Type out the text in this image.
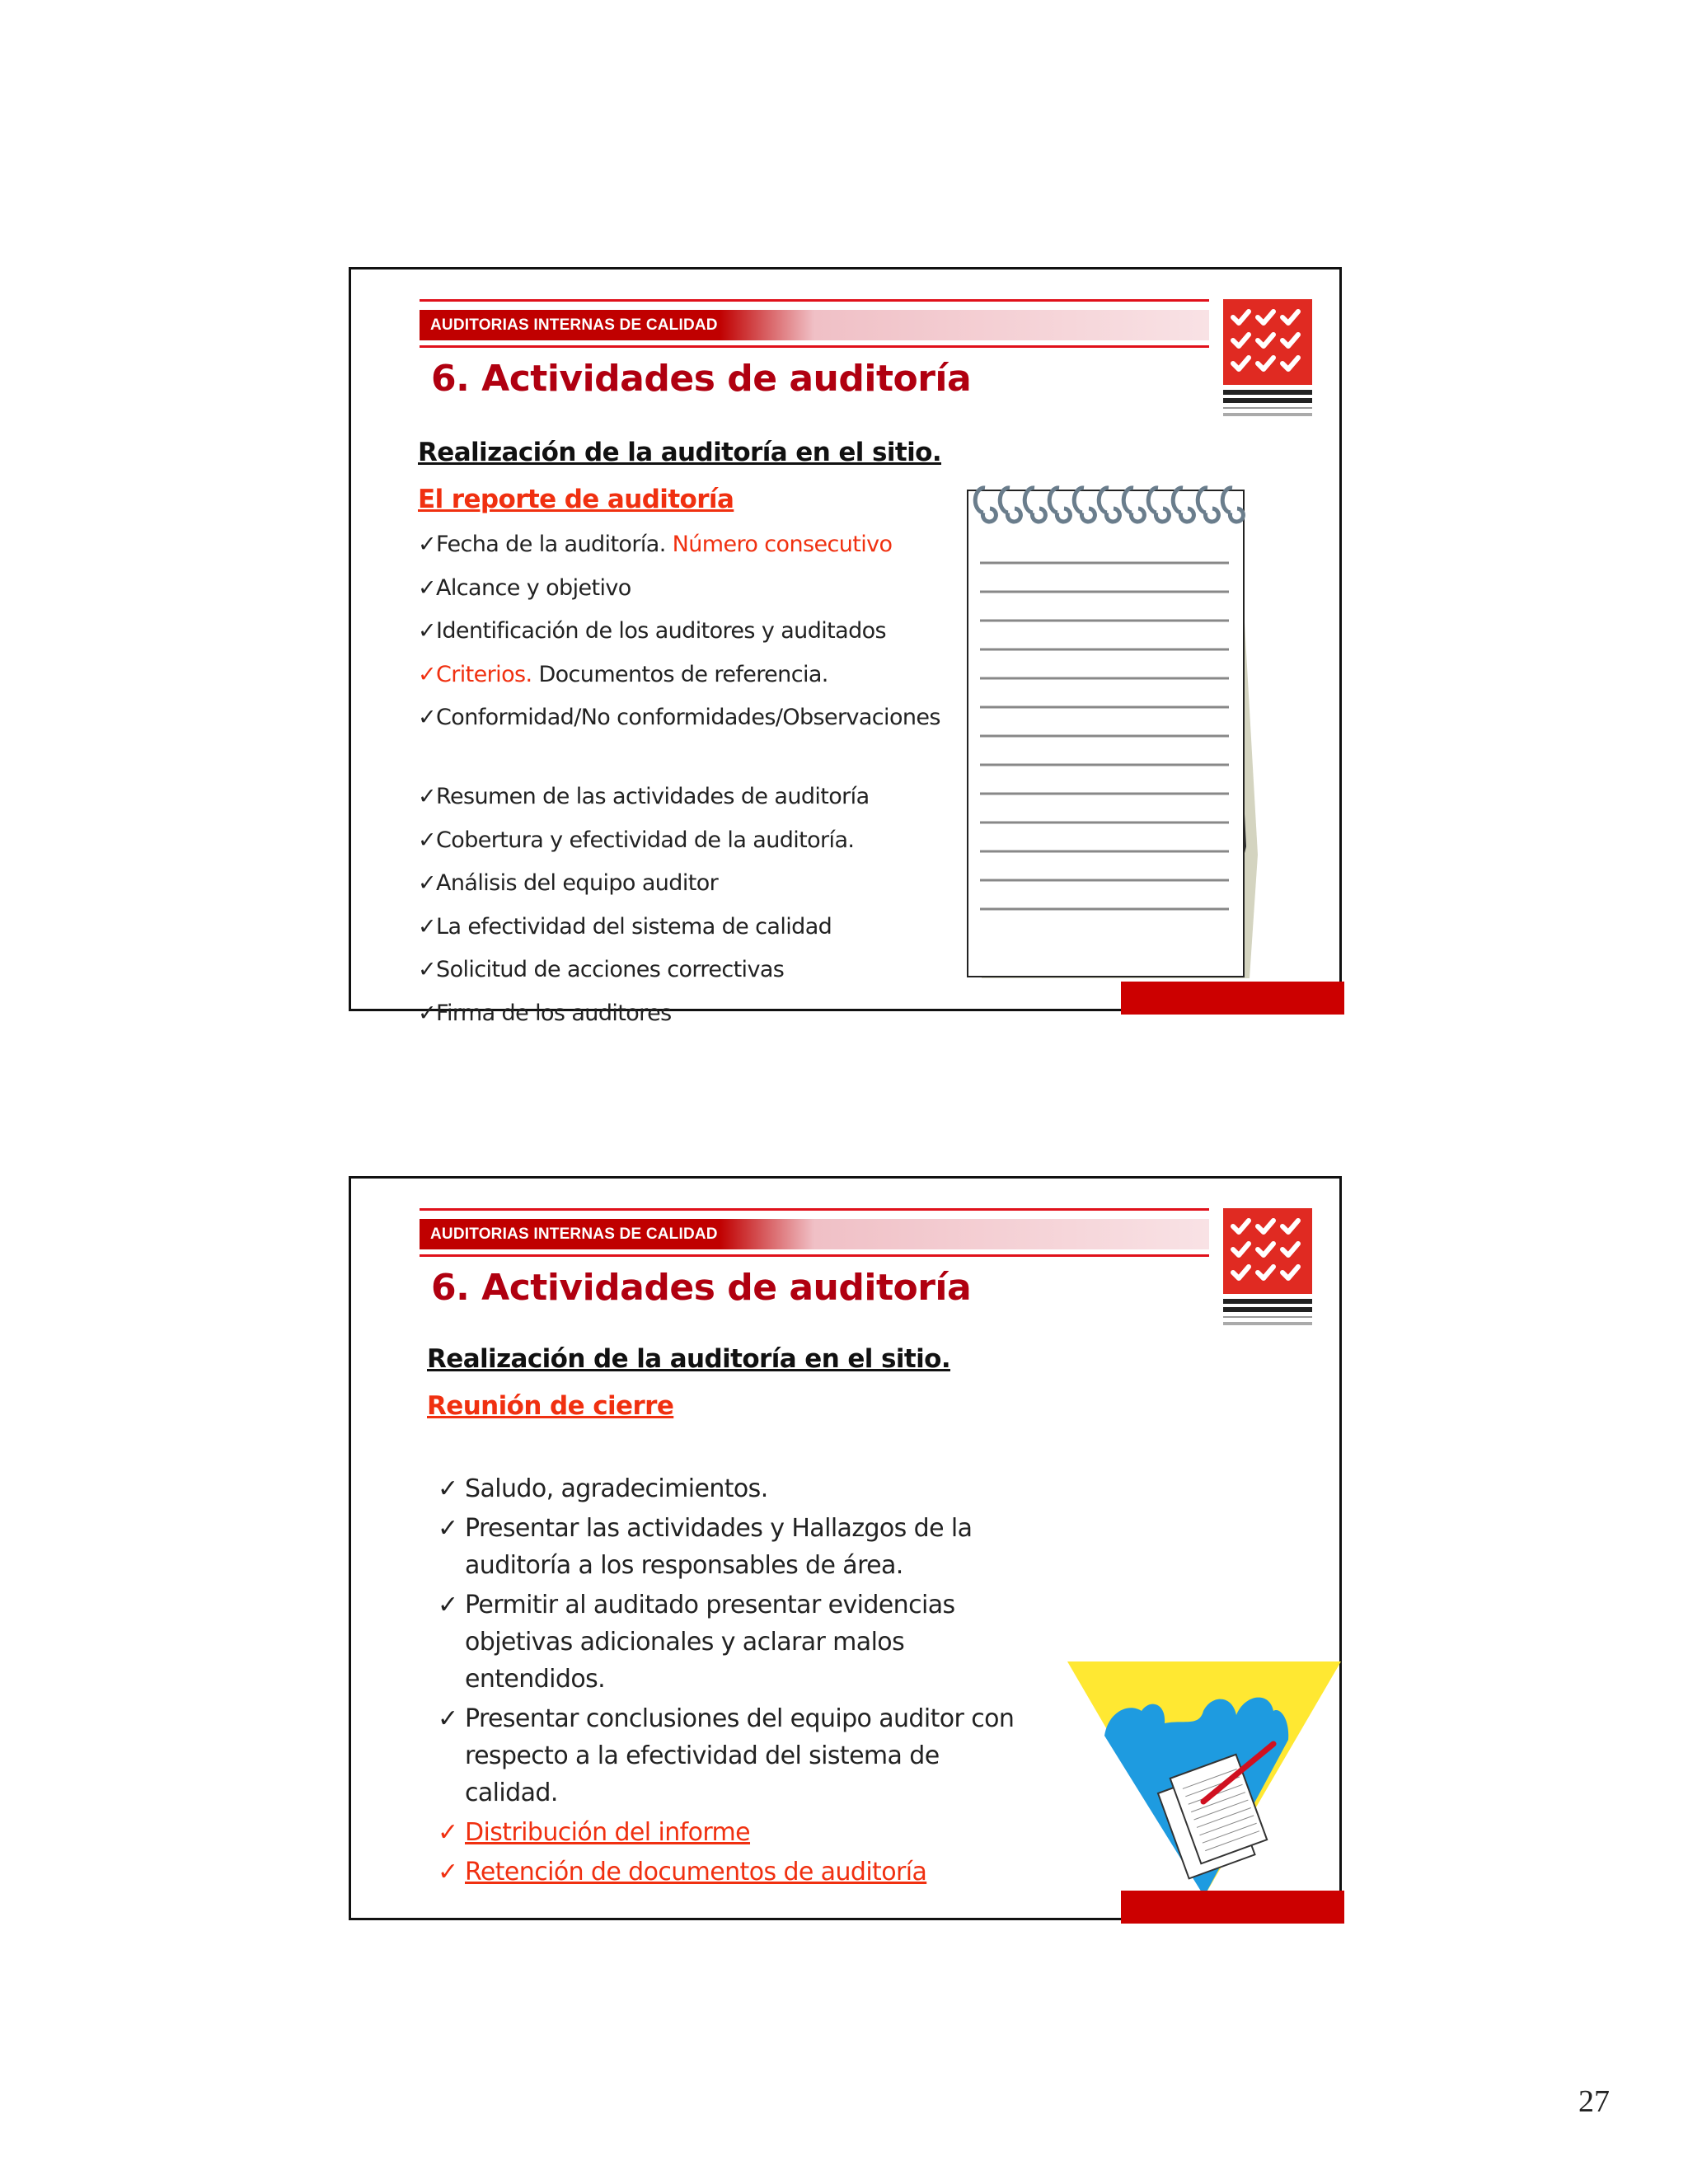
AUDITORIAS INTERNAS DE CALIDAD
6. Actividades de auditoría
Realización de la auditoría en el sitio.
El reporte de auditoría
✓Fecha de la auditoría. Número consecutivo
✓Alcance y objetivo
✓Identificación de los auditores y auditados
✓Criterios. Documentos de referencia.
✓Conformidad/No conformidades/Observaciones
✓Resumen de las actividades de auditoría
✓Cobertura y efectividad de la auditoría.
✓Análisis del equipo auditor
✓La efectividad del sistema de calidad
✓Solicitud de acciones correctivas
✓Firma de los auditores
AUDITORIAS INTERNAS DE CALIDAD
6. Actividades de auditoría
Realización de la auditoría en el sitio.
Reunión de cierre
✓ Saludo, agradecimientos.
✓ Presentar las actividades y Hallazgos de la auditoría a los responsables de área.
✓ Permitir al auditado presentar evidencias objetivas adicionales y aclarar malos entendidos.
✓ Presentar conclusiones del equipo auditor con respecto a la efectividad del sistema de calidad.
✓ Distribución del informe
✓ Retención de documentos de auditoría
27
